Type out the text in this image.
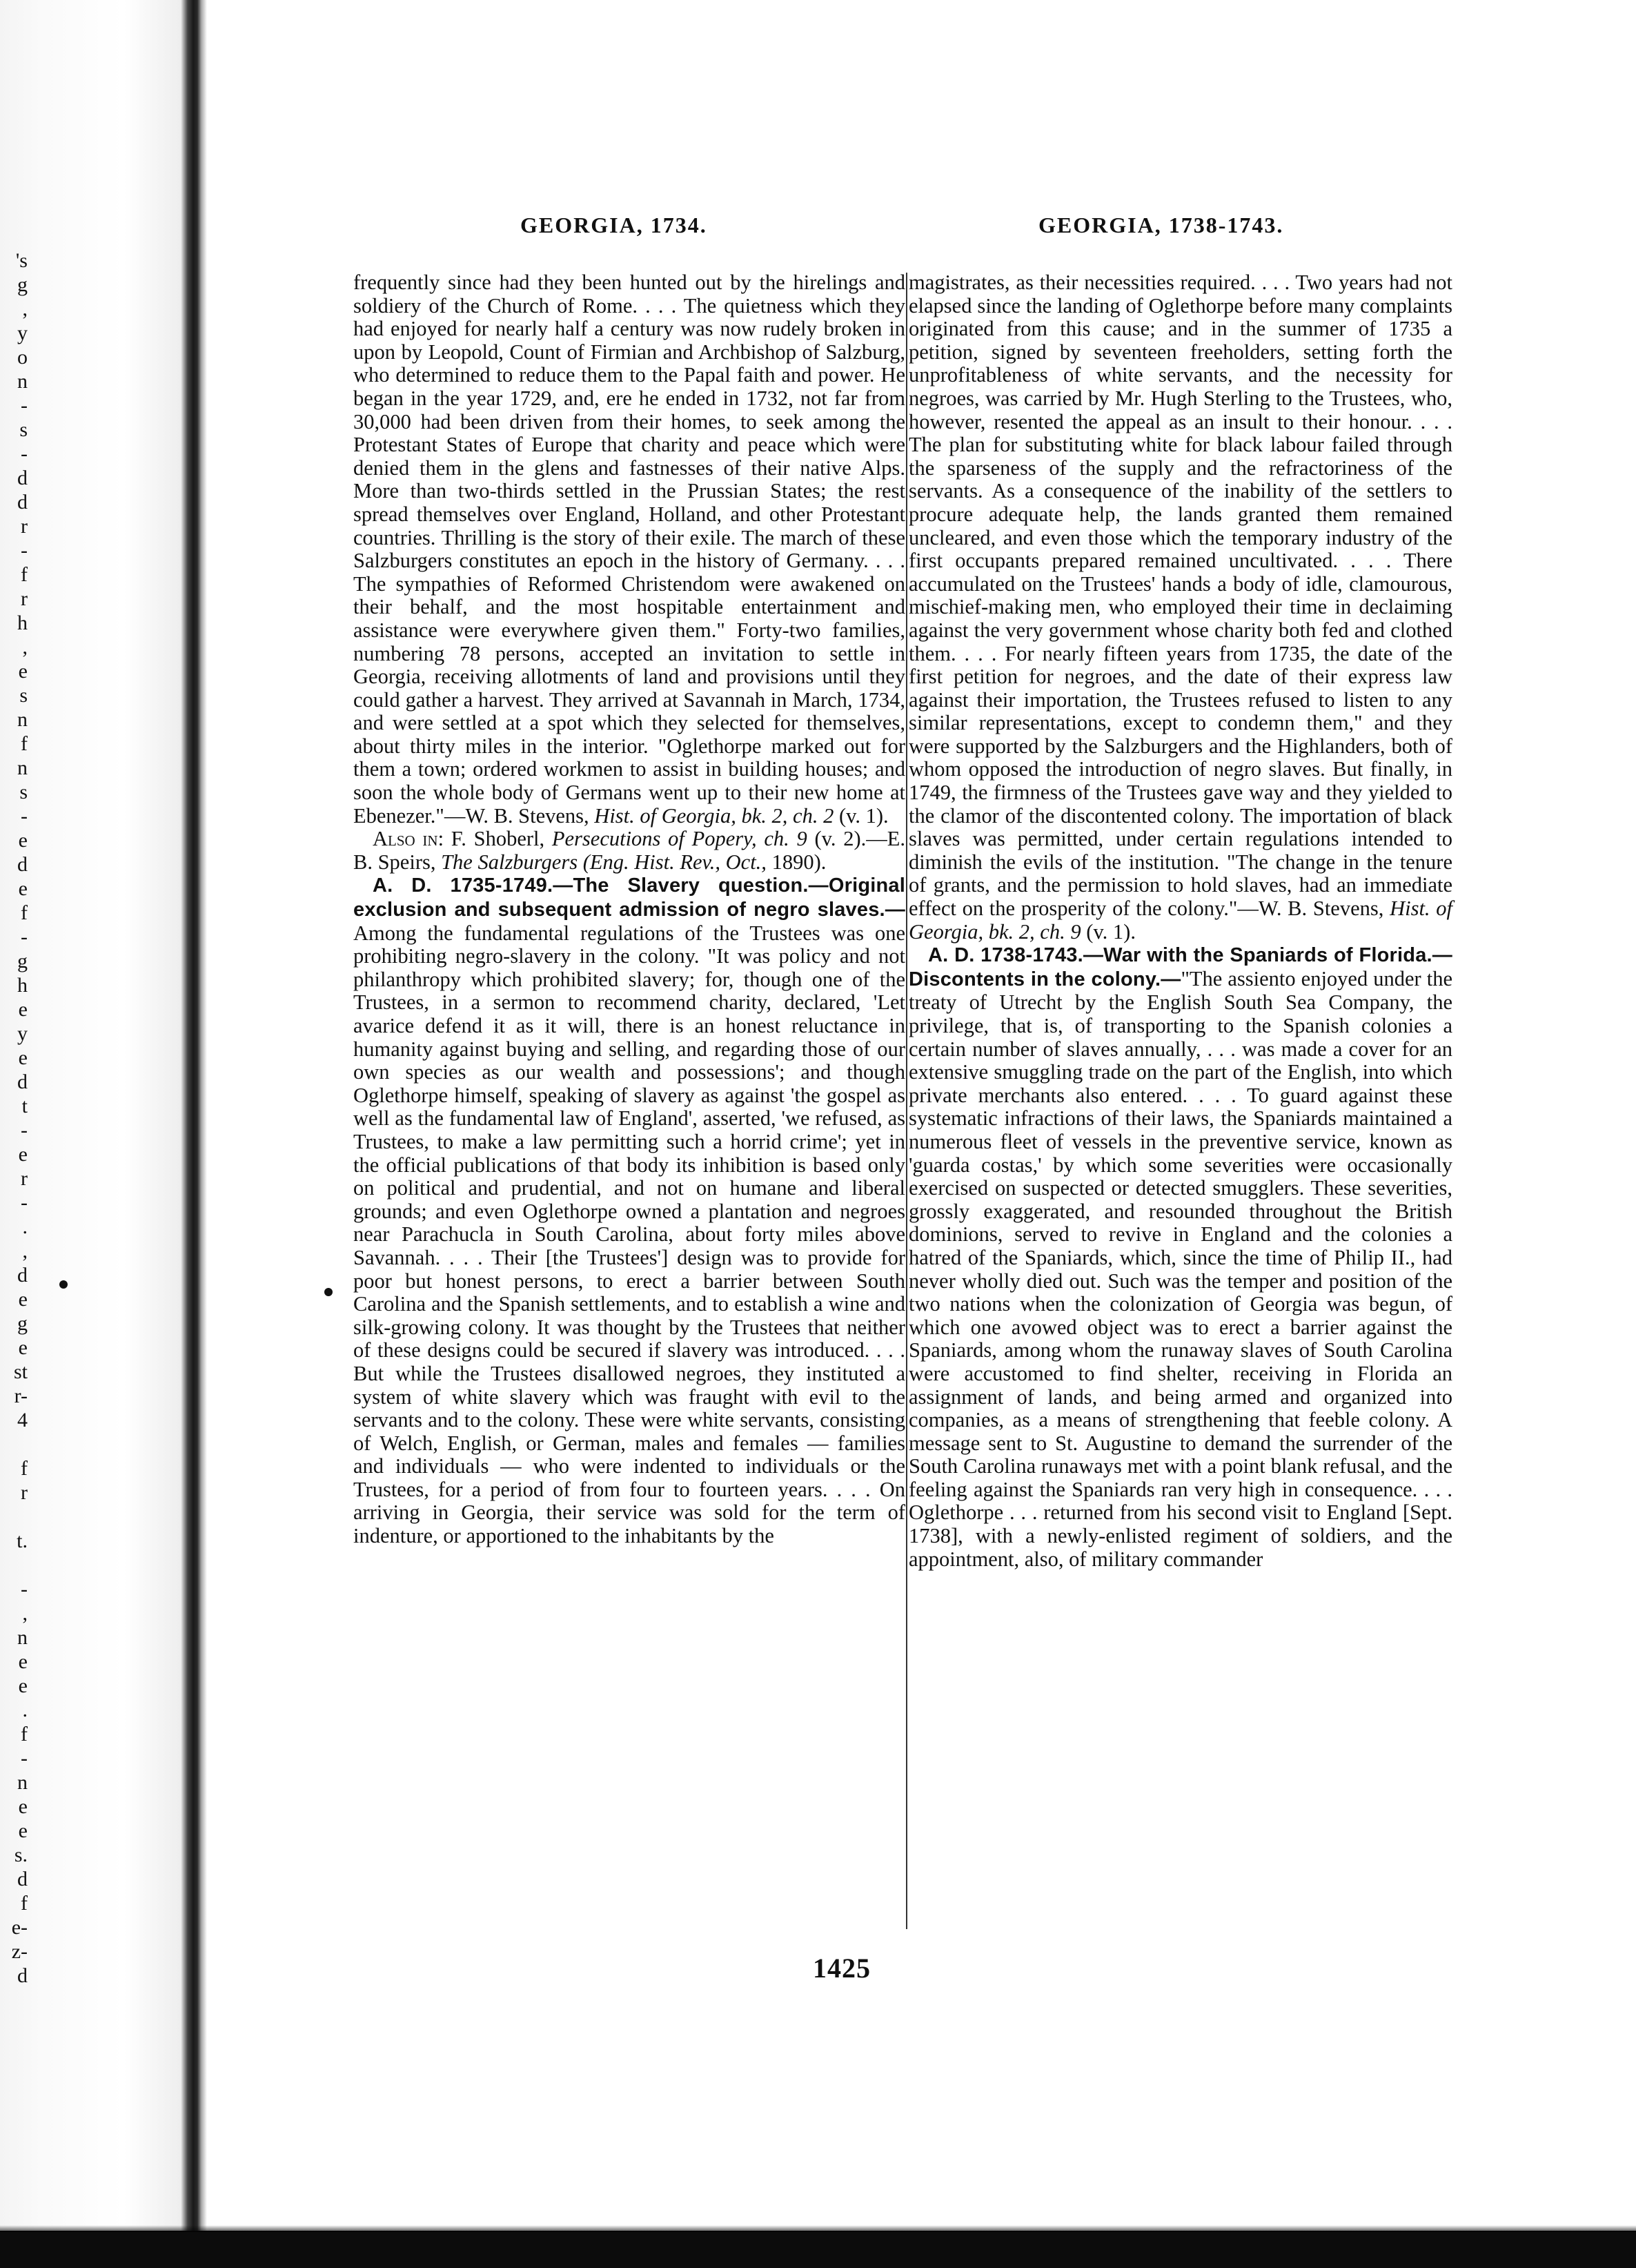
's
g
,
y
o
n
-
s
-
d
d
r
-
f
r
h
,
e
s
n
f
n
s
-
e
d
e
f
-
g
h
e
y
e
d
t
-
e
r
-
.
,
d
e
g
e
st
r-
4

f
r

t.

-
,
n
e
e
.
f
-
n
e
e
s.
d
f
e-
z-
d
GEORGIA, 1734.	GEORGIA, 1738-1743.

frequently since had they been hunted out by the hirelings and soldiery of the Church of Rome. . . . The quietness which they had enjoyed for nearly half a century was now rudely broken in upon by Leopold, Count of Firmian and Archbishop of Salzburg, who determined to reduce them to the Papal faith and power. He began in the year 1729, and, ere he ended in 1732, not far from 30,000 had been driven from their homes, to seek among the Protestant States of Europe that charity and peace which were denied them in the glens and fastnesses of their native Alps. More than two-thirds settled in the Prussian States; the rest spread themselves over England, Holland, and other Protestant countries. Thrilling is the story of their exile. The march of these Salzburgers constitutes an epoch in the history of Germany. . . . The sympathies of Reformed Christendom were awakened on their behalf, and the most hospitable entertainment and assistance were everywhere given them." Forty-two families, numbering 78 persons, accepted an invitation to settle in Georgia, receiving allotments of land and provisions until they could gather a harvest. They arrived at Savannah in March, 1734, and were settled at a spot which they selected for themselves, about thirty miles in the interior. "Oglethorpe marked out for them a town; ordered workmen to assist in building houses; and soon the whole body of Germans went up to their new home at Ebenezer."—W. B. Stevens, Hist. of Georgia, bk. 2, ch. 2 (v. 1).

Also in: F. Shoberl, Persecutions of Popery, ch. 9 (v. 2).—E. B. Speirs, The Salzburgers (Eng. Hist. Rev., Oct., 1890).

A. D. 1735-1749.—The Slavery question.—Original exclusion and subsequent admission of negro slaves.—Among the fundamental regulations of the Trustees was one prohibiting negro-slavery in the colony. "It was policy and not philanthropy which prohibited slavery; for, though one of the Trustees, in a sermon to recommend charity, declared, 'Let avarice defend it as it will, there is an honest reluctance in humanity against buying and selling, and regarding those of our own species as our wealth and possessions'; and though Oglethorpe himself, speaking of slavery as against 'the gospel as well as the fundamental law of England', asserted, 'we refused, as Trustees, to make a law permitting such a horrid crime'; yet in the official publications of that body its inhibition is based only on political and prudential, and not on humane and liberal grounds; and even Oglethorpe owned a plantation and negroes near Parachucla in South Carolina, about forty miles above Savannah. . . . Their [the Trustees'] design was to provide for poor but honest persons, to erect a barrier between South Carolina and the Spanish settlements, and to establish a wine and silk-growing colony. It was thought by the Trustees that neither of these designs could be secured if slavery was introduced. . . . But while the Trustees disallowed negroes, they instituted a system of white slavery which was fraught with evil to the servants and to the colony. These were white servants, consisting of Welch, English, or German, males and females — families and individuals — who were indented to individuals or the Trustees, for a period of from four to fourteen years. . . . On arriving in Georgia, their service was sold for the term of indenture, or apportioned to the inhabitants by the

magistrates, as their necessities required. . . . Two years had not elapsed since the landing of Oglethorpe before many complaints originated from this cause; and in the summer of 1735 a petition, signed by seventeen freeholders, setting forth the unprofitableness of white servants, and the necessity for negroes, was carried by Mr. Hugh Sterling to the Trustees, who, however, resented the appeal as an insult to their honour. . . . The plan for substituting white for black labour failed through the sparseness of the supply and the refractoriness of the servants. As a consequence of the inability of the settlers to procure adequate help, the lands granted them remained uncleared, and even those which the temporary industry of the first occupants prepared remained uncultivated. . . . There accumulated on the Trustees' hands a body of idle, clamourous, mischief-making men, who employed their time in declaiming against the very government whose charity both fed and clothed them. . . . For nearly fifteen years from 1735, the date of the first petition for negroes, and the date of their express law against their importation, the Trustees refused to listen to any similar representations, except to condemn them," and they were supported by the Salzburgers and the Highlanders, both of whom opposed the introduction of negro slaves. But finally, in 1749, the firmness of the Trustees gave way and they yielded to the clamor of the discontented colony. The importation of black slaves was permitted, under certain regulations intended to diminish the evils of the institution. "The change in the tenure of grants, and the permission to hold slaves, had an immediate effect on the prosperity of the colony."—W. B. Stevens, Hist. of Georgia, bk. 2, ch. 9 (v. 1).

A. D. 1738-1743.—War with the Spaniards of Florida.—Discontents in the colony.—"The assiento enjoyed under the treaty of Utrecht by the English South Sea Company, the privilege, that is, of transporting to the Spanish colonies a certain number of slaves annually, . . . was made a cover for an extensive smuggling trade on the part of the English, into which private merchants also entered. . . . To guard against these systematic infractions of their laws, the Spaniards maintained a numerous fleet of vessels in the preventive service, known as 'guarda costas,' by which some severities were occasionally exercised on suspected or detected smugglers. These severities, grossly exaggerated, and resounded throughout the British dominions, served to revive in England and the colonies a hatred of the Spaniards, which, since the time of Philip II., had never wholly died out. Such was the temper and position of the two nations when the colonization of Georgia was begun, of which one avowed object was to erect a barrier against the Spaniards, among whom the runaway slaves of South Carolina were accustomed to find shelter, receiving in Florida an assignment of lands, and being armed and organized into companies, as a means of strengthening that feeble colony. A message sent to St. Augustine to demand the surrender of the South Carolina runaways met with a point blank refusal, and the feeling against the Spaniards ran very high in consequence. . . . Oglethorpe . . . returned from his second visit to England [Sept. 1738], with a newly-enlisted regiment of soldiers, and the appointment, also, of military commander

1425
